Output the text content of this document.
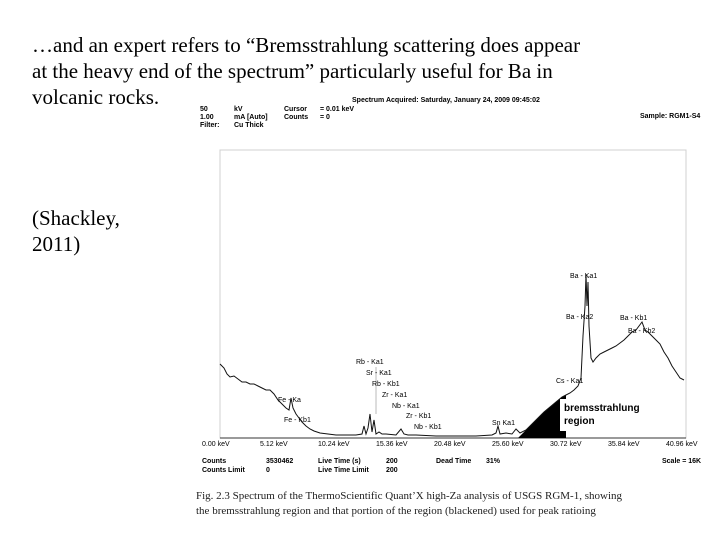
…and an expert refers to “Bremsstrahlung scattering does appear
at the heavy end of the spectrum” particularly useful for Ba in
volcanic rocks.
(Shackley,
2011)
50	kV
1.00	mA [Auto]
Filter: Cu Thick
Cursor = 0.01 keV
Counts = 0
Spectrum Acquired: Saturday, January 24, 2009 09:45:02
Sample: RGM1-S4
Rb - Ka1
Sr - Ka1
Rb - Kb1
Zr - Ka1
Nb - Ka1
Zr - Kb1
Nb - Kb1
Fe - Ka
Fe - Kb1	Sn Ka1
Cs - Ka1
Ba - Ka1
Ba - Ka2	Ba - Kb1
Ba - Kb2
bremsstrahlung
region
0.00 keV	5.12 keV	10.24 keV	15.36 keV	20.48 keV	25.60 keV	30.72 keV	35.84 keV	40.96 keV
Counts	3530462
Counts Limit	0
Live Time (s)	200
Live Time Limit 200
Dead Time 31%	Scale = 16K
Fig. 2.3 Spectrum of the ThermoScientific Quant’X high-Za analysis of USGS RGM-1, showing
the bremsstrahlung region and that portion of the region (blackened) used for peak ratioing
